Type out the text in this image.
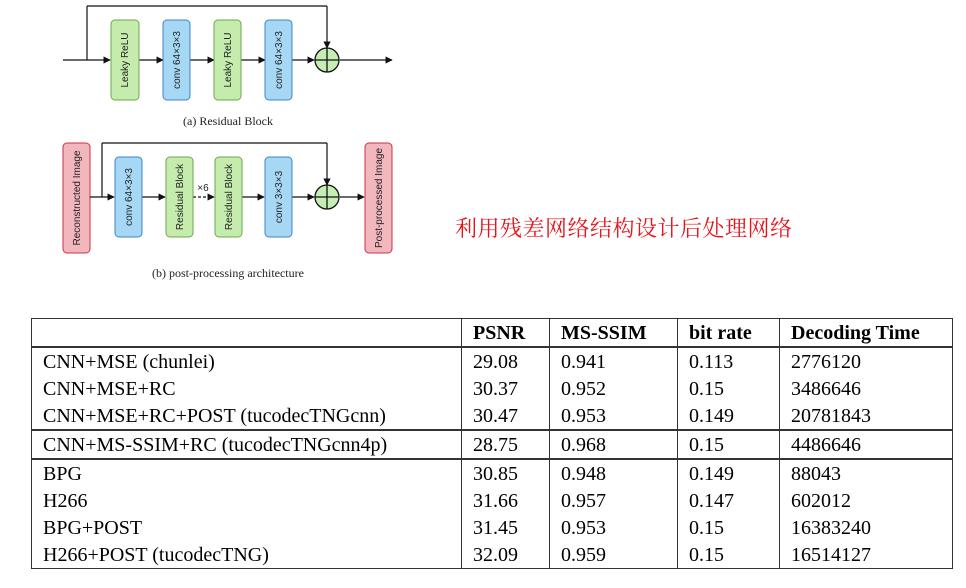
Leaky ReLU	conv 64×3×3	Leaky ReLU	conv 64×3×3
(a) Residual Block
Reconstructed Image	conv 64×3×3	Residual Block ×6 Residual Block	conv 3×3×3	Post-processed Image
(b) post-processing architecture
利用残差网络结构设计后处理网络
	PSNR	MS-SSIM	bit rate	Decoding Time
CNN+MSE (chunlei)	29.08	0.941	0.113	2776120
CNN+MSE+RC	30.37	0.952	0.15	3486646
CNN+MSE+RC+POST (tucodecTNGcnn)	30.47	0.953	0.149	20781843
CNN+MS-SSIM+RC (tucodecTNGcnn4p)	28.75	0.968	0.15	4486646
BPG	30.85	0.948	0.149	88043
H266	31.66	0.957	0.147	602012
BPG+POST	31.45	0.953	0.15	16383240
H266+POST (tucodecTNG)	32.09	0.959	0.15	16514127
